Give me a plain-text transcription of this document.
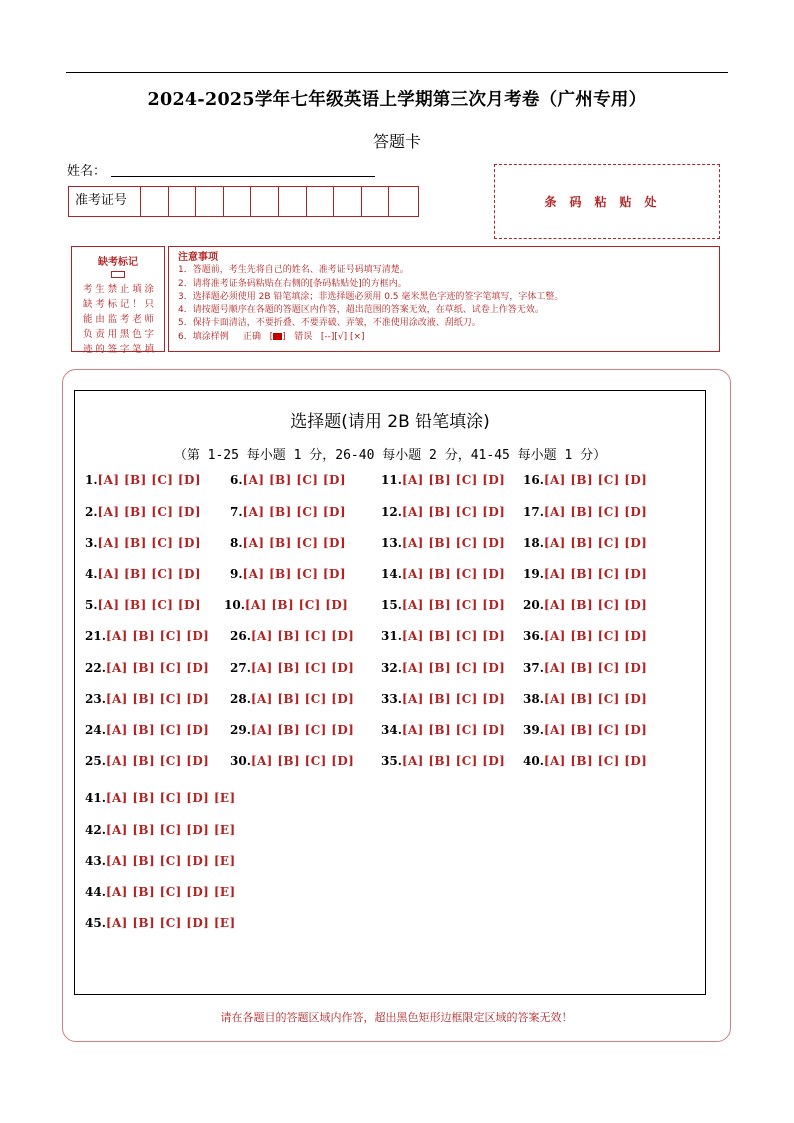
2024-2025学年七年级英语上学期第三次月考卷（广州专用）
答题卡
姓名：
准考证号	条码粘贴处
缺考标记
考生禁止填涂缺考标记！只能由监考老师负责用黑色字迹的签字笔填
注意事项
1．答题前，考生先将自己的姓名、准考证号码填写清楚。
2．请将准考证条码粘贴在右侧的[条码粘贴处]的方框内。
3．选择题必须使用 2B 铅笔填涂；非选择题必须用 0.5 毫米黑色字迹的签字笔填写，字体工整。
4．请按题号顺序在各题的答题区内作答，超出范围的答案无效，在草纸、试卷上作答无效。
5．保持卡面清洁，不要折叠、不要弄破、弄皱，不准使用涂改液、刮纸刀。
6．填涂样例 正确   [ ]   错误 [--][√] [×]
选择题(请用 2B 铅笔填涂)
（第 1-25 每小题 1 分，26-40 每小题 2 分，41-45 每小题 1 分）
1.[A] [B] [C] [D]
2.[A] [B] [C] [D]
3.[A] [B] [C] [D]
4.[A] [B] [C] [D]
5.[A] [B] [C] [D]
6.[A] [B] [C] [D]
7.[A] [B] [C] [D]
8.[A] [B] [C] [D]
9.[A] [B] [C] [D]
10.[A] [B] [C] [D]
11.[A] [B] [C] [D]
12.[A] [B] [C] [D]
13.[A] [B] [C] [D]
14.[A] [B] [C] [D]
15.[A] [B] [C] [D]
16.[A] [B] [C] [D]
17.[A] [B] [C] [D]
18.[A] [B] [C] [D]
19.[A] [B] [C] [D]
20.[A] [B] [C] [D]
21.[A] [B] [C] [D]
22.[A] [B] [C] [D]
23.[A] [B] [C] [D]
24.[A] [B] [C] [D]
25.[A] [B] [C] [D]
26.[A] [B] [C] [D]
27.[A] [B] [C] [D]
28.[A] [B] [C] [D]
29.[A] [B] [C] [D]
30.[A] [B] [C] [D]
31.[A] [B] [C] [D]
32.[A] [B] [C] [D]
33.[A] [B] [C] [D]
34.[A] [B] [C] [D]
35.[A] [B] [C] [D]
36.[A] [B] [C] [D]
37.[A] [B] [C] [D]
38.[A] [B] [C] [D]
39.[A] [B] [C] [D]
40.[A] [B] [C] [D]
41.[A] [B] [C] [D] [E]
42.[A] [B] [C] [D] [E]
43.[A] [B] [C] [D] [E]
44.[A] [B] [C] [D] [E]
45.[A] [B] [C] [D] [E]
请在各题目的答题区域内作答，超出黑色矩形边框限定区域的答案无效！
